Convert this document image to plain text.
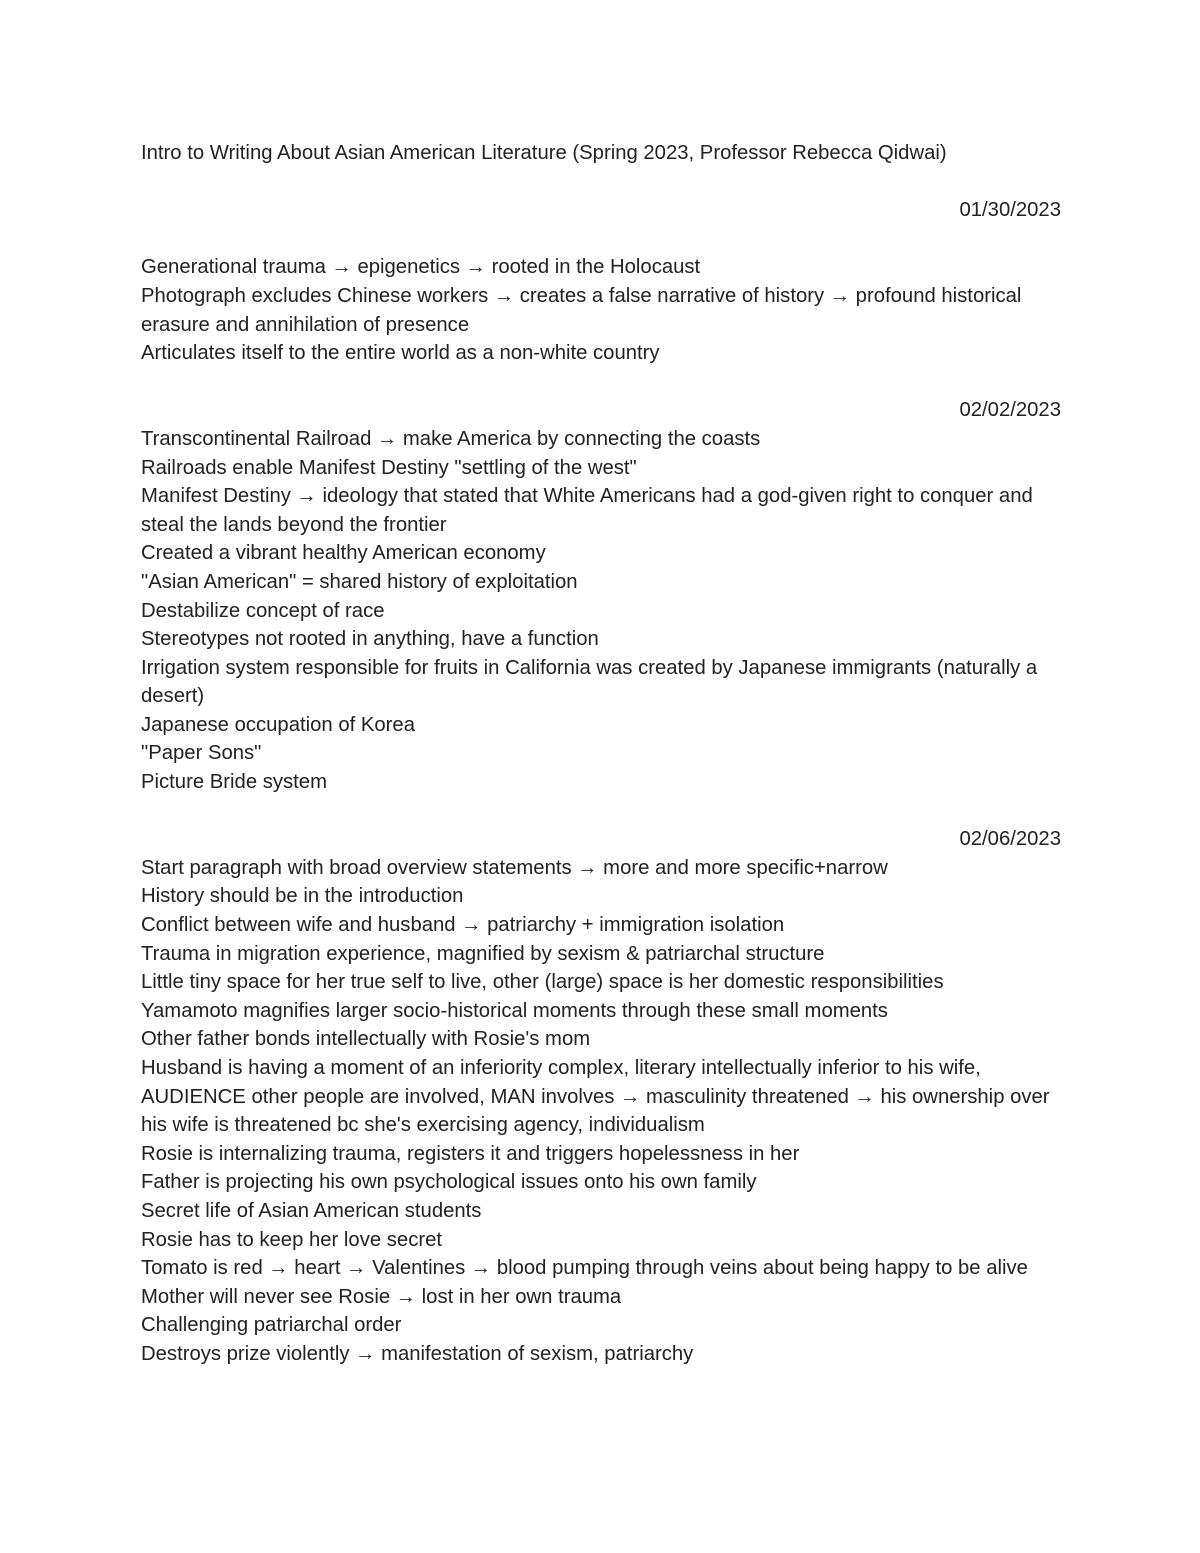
Intro to Writing About Asian American Literature (Spring 2023, Professor Rebecca Qidwai)
01/30/2023
Generational trauma → epigenetics → rooted in the Holocaust
Photograph excludes Chinese workers → creates a false narrative of history → profound historical erasure and annihilation of presence
Articulates itself to the entire world as a non-white country
02/02/2023
Transcontinental Railroad → make America by connecting the coasts
Railroads enable Manifest Destiny "settling of the west"
Manifest Destiny → ideology that stated that White Americans had a god-given right to conquer and steal the lands beyond the frontier
Created a vibrant healthy American economy
"Asian American" = shared history of exploitation
Destabilize concept of race
Stereotypes not rooted in anything, have a function
Irrigation system responsible for fruits in California was created by Japanese immigrants (naturally a desert)
Japanese occupation of Korea
"Paper Sons"
Picture Bride system
02/06/2023
Start paragraph with broad overview statements → more and more specific+narrow
History should be in the introduction
Conflict between wife and husband → patriarchy + immigration isolation
Trauma in migration experience, magnified by sexism & patriarchal structure
Little tiny space for her true self to live, other (large) space is her domestic responsibilities
Yamamoto magnifies larger socio-historical moments through these small moments
Other father bonds intellectually with Rosie's mom
Husband is having a moment of an inferiority complex, literary intellectually inferior to his wife, AUDIENCE other people are involved, MAN involves → masculinity threatened → his ownership over his wife is threatened bc she's exercising agency, individualism
Rosie is internalizing trauma, registers it and triggers hopelessness in her
Father is projecting his own psychological issues onto his own family
Secret life of Asian American students
Rosie has to keep her love secret
Tomato is red → heart → Valentines → blood pumping through veins about being happy to be alive
Mother will never see Rosie → lost in her own trauma
Challenging patriarchal order
Destroys prize violently → manifestation of sexism, patriarchy
